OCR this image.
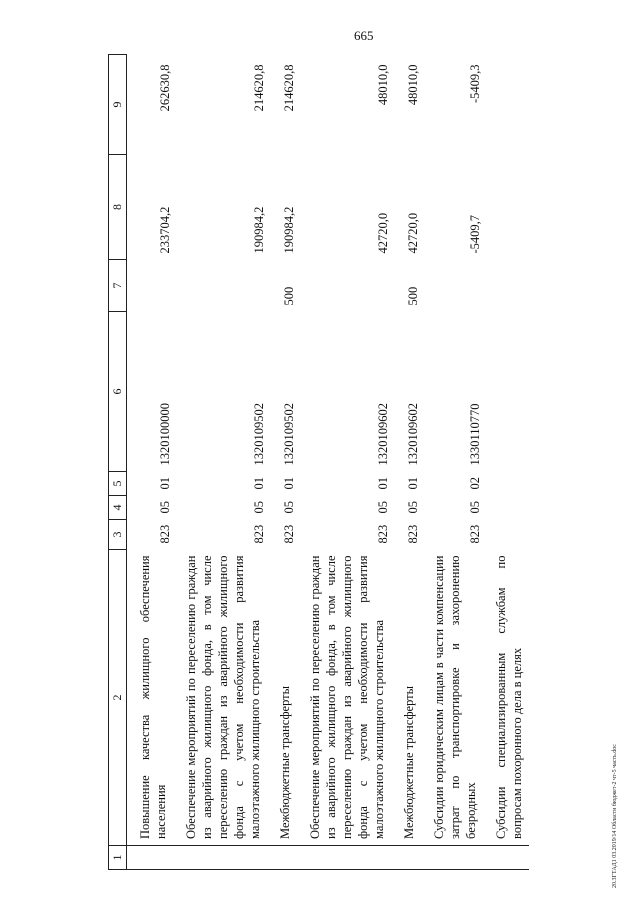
665
20.3ГТАД1 03.2019/14 Областн бюджет-2 чт-5 часть.doc
1	2	3	4	5	6	7	8	9
	Повышение качества жилищного обеспечения населения	823	05	01	1320100000		233704,2	262630,8
	Обеспечение мероприятий по переселению граждан из аварийного жилищного фонда, в том числе переселению граждан из аварийного жилищного фонда с учетом необходимости развития малоэтажного жилищного строительства	823	05	01	1320109502		190984,2	214620,8
	Межбюджетные трансферты	823	05	01	1320109502	500	190984,2	214620,8
	Обеспечение мероприятий по переселению граждан из аварийного жилищного фонда, в том числе переселению граждан из аварийного жилищного фонда с учетом необходимости развития малоэтажного жилищного строительства	823	05	01	1320109602		42720,0	48010,0
	Межбюджетные трансферты	823	05	01	1320109602	500	42720,0	48010,0
	Субсидии юридическим лицам в части компенсации затрат по транспортировке и захоронению безродных	823	05	02	1330110770		-5409,7	-5409,3
	Субсидии специализированным службам по вопросам похоронного дела в целях							
